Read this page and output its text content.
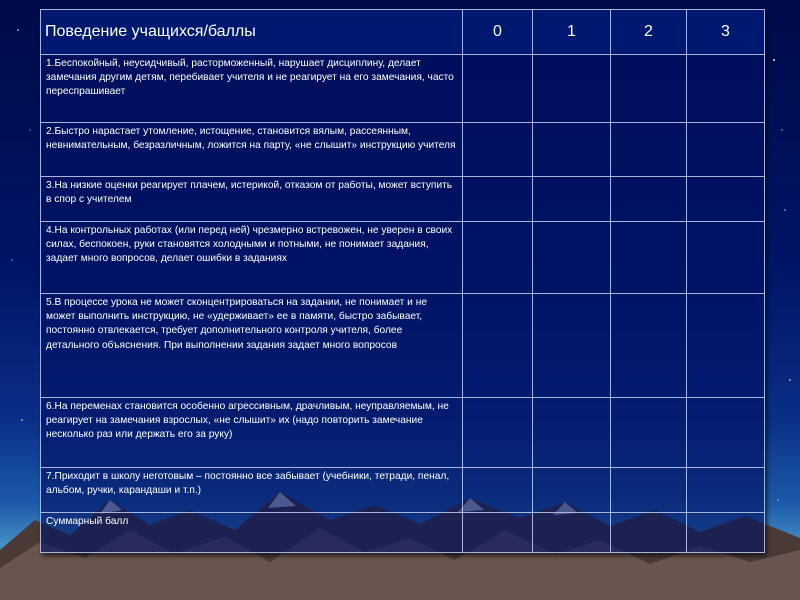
Поведение учащихся/баллы	0	1	2	3
1.Беспокойный, неусидчивый, расторможенный, нарушает дисциплину, делает замечания другим детям, перебивает учителя и не реагирует на его замечания, часто переспрашивает				
2.Быстро нарастает утомление, истощение, становится вялым, рассеянным, невнимательным, безразличным, ложится на парту, «не слышит» инструкцию учителя				
3.На низкие оценки реагирует плачем, истерикой, отказом от работы, может вступить в спор с учителем				
4.На контрольных работах (или перед ней) чрезмерно встревожен, не уверен в своих силах, беспокоен, руки становятся холодными и потными, не понимает задания, задает много вопросов, делает ошибки в заданиях				
5.В процессе урока не может сконцентрироваться на задании, не понимает и не может выполнить инструкцию, не «удерживает» ее в памяти, быстро забывает, постоянно отвлекается, требует дополнительного контроля учителя, более детального объяснения. При выполнении задания задает много вопросов				
6.На переменах становится особенно агрессивным, драчливым, неуправляемым, не реагирует на замечания взрослых, «не слышит» их (надо повторить замечание несколько раз или держать его за руку)				
7.Приходит в школу неготовым – постоянно все забывает (учебники, тетради, пенал, альбом, ручки, карандаши и т.п.)				
Суммарный балл				
